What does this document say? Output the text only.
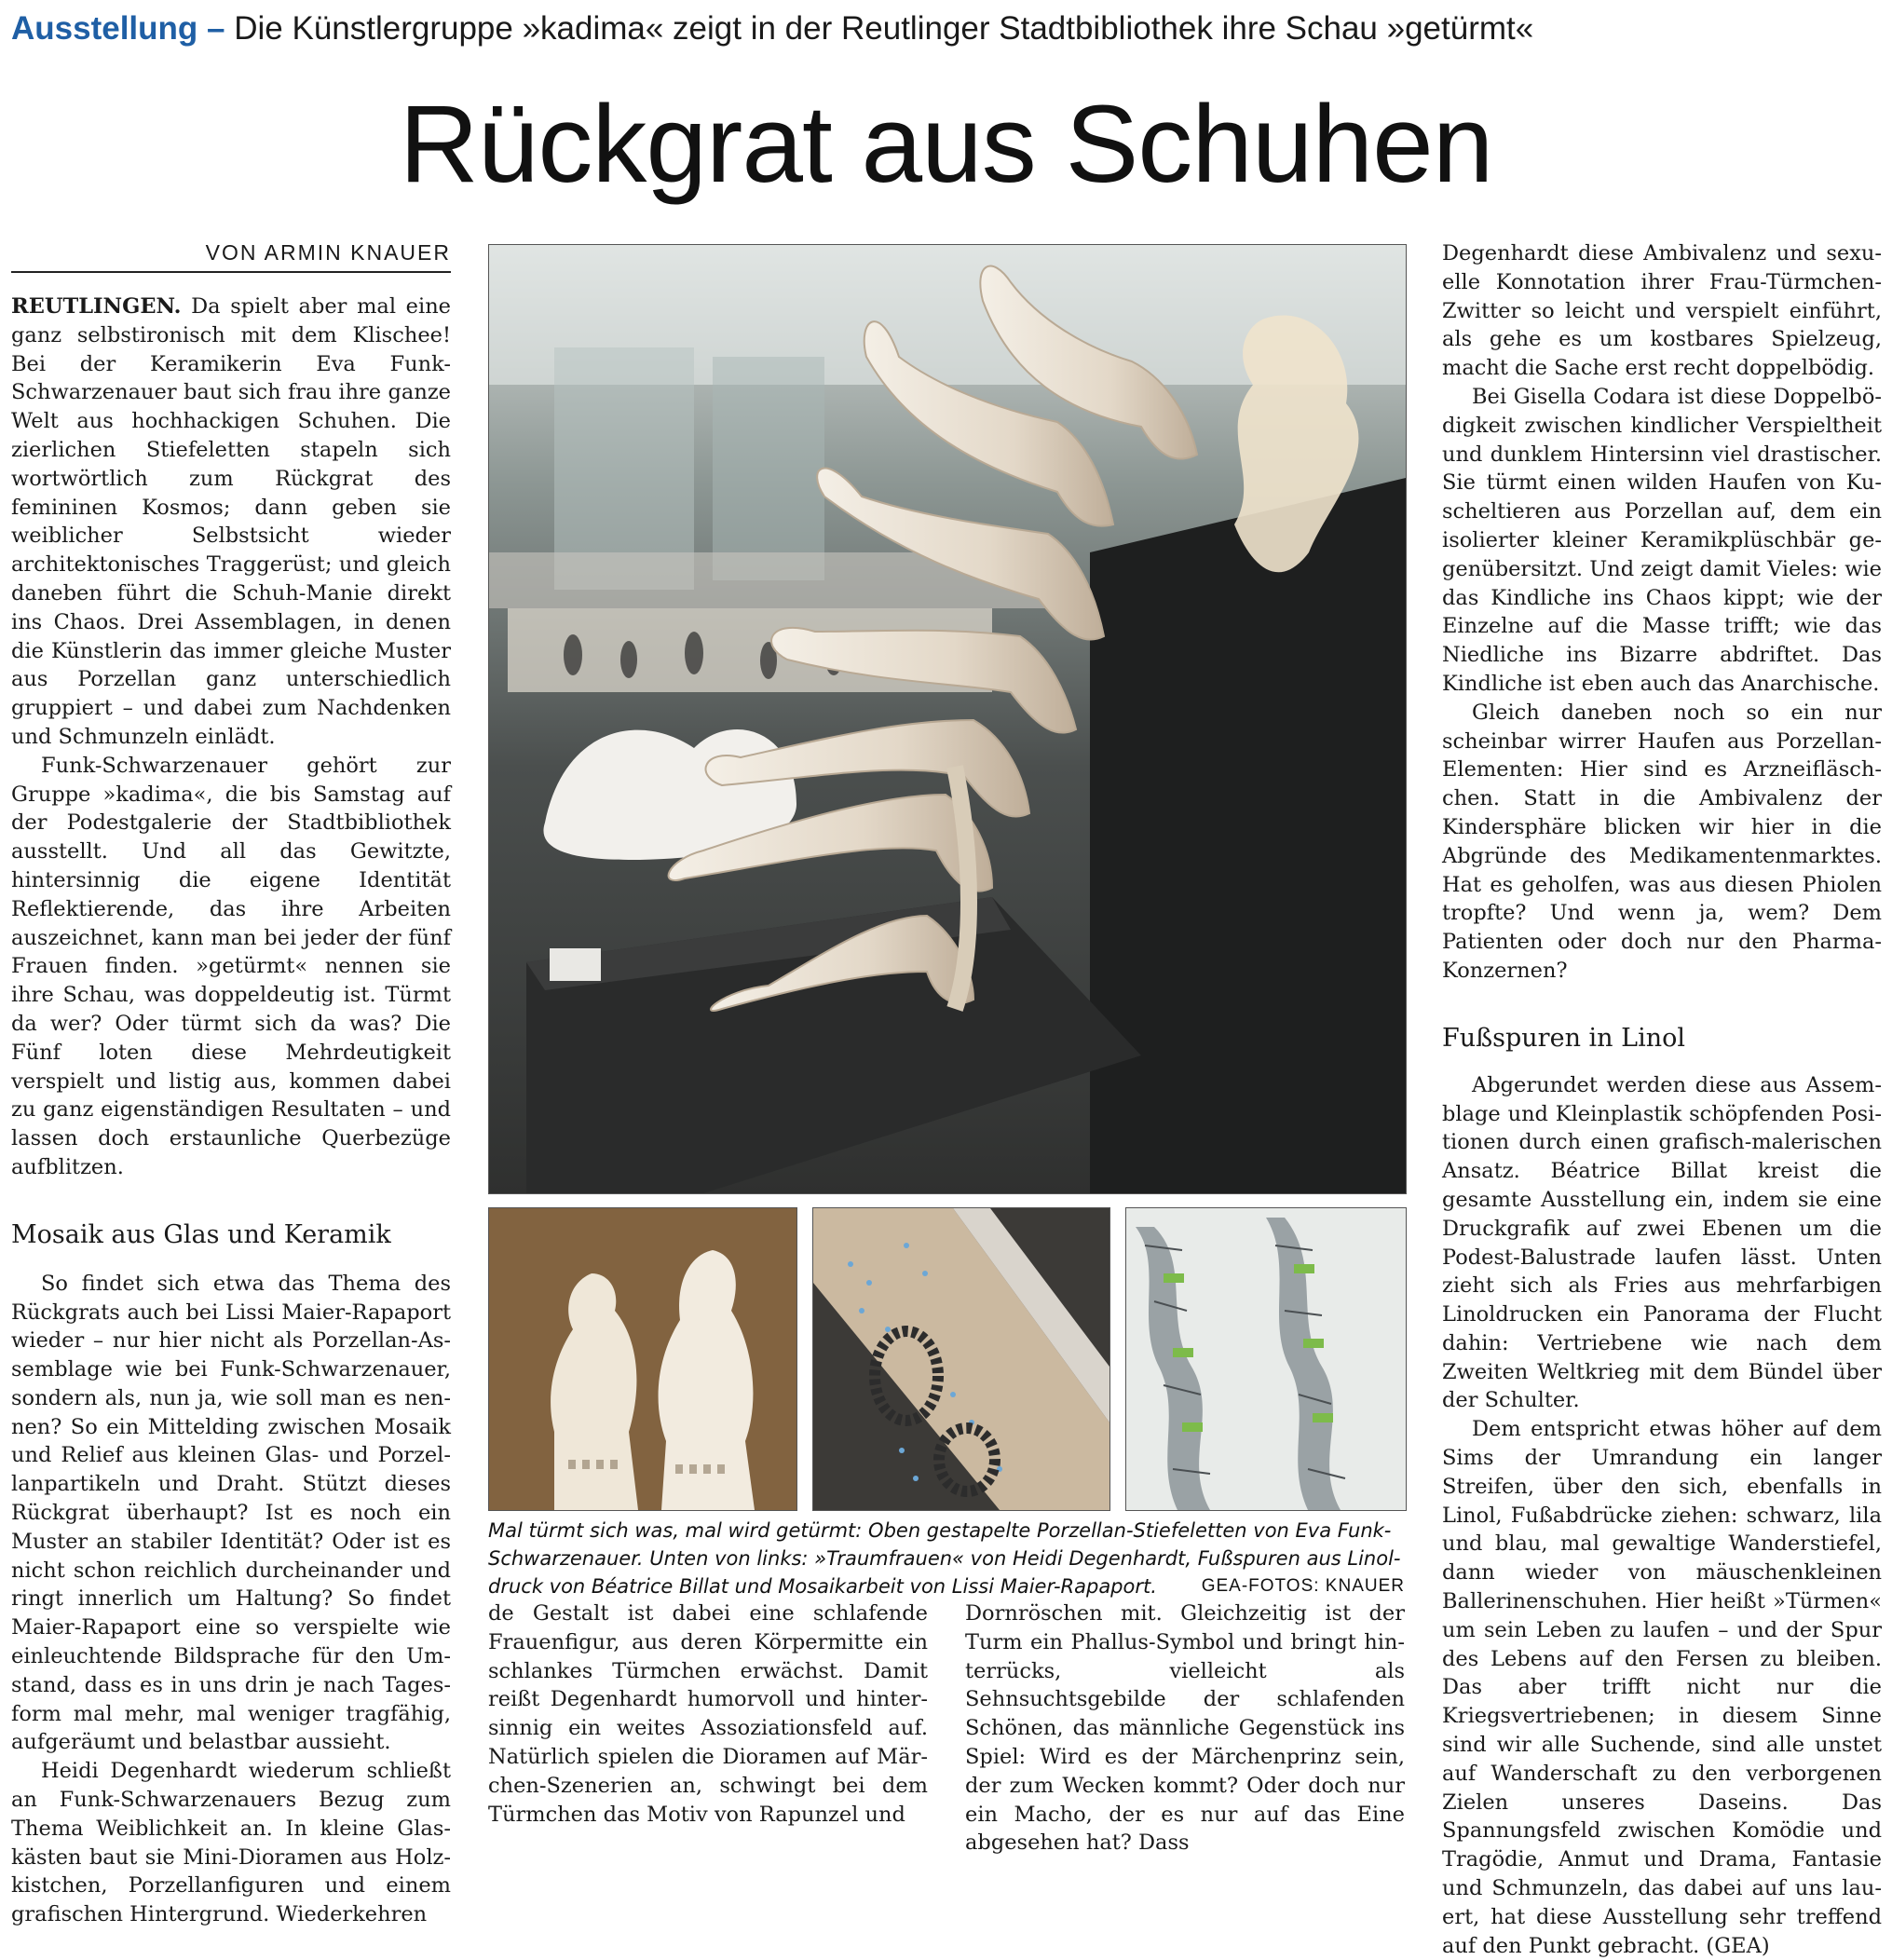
Ausstellung – Die Künstlergruppe »kadima« zeigt in der Reutlinger Stadtbibliothek ihre Schau »getürmt«
Rückgrat aus Schuhen
VON ARMIN KNAUER

REUTLINGEN. Da spielt aber mal eine ganz selbstironisch mit dem Klischee! Bei der Keramikerin Eva Funk-Schwarzenauer baut sich frau ihre ganze Welt aus hochhackigen Schuhen. Die zierlichen Stiefeletten stapeln sich wortwörtlich zum Rückgrat des femininen Kosmos; dann geben sie weiblicher Selbstsicht wieder architektonisches Traggerüst; und gleich daneben führt die Schuh-Manie direkt ins Chaos. Drei Assemblagen, in denen die Künstlerin das immer gleiche Muster aus Porzellan ganz unterschiedlich gruppiert – und dabei zum Nachdenken und Schmunzeln einlädt.

Funk-Schwarzenauer gehört zur Gruppe »kadima«, die bis Samstag auf der Podestgalerie der Stadtbibliothek ausstellt. Und all das Gewitzte, hintersinnig die eigene Identität Reflektierende, das ihre Arbeiten auszeichnet, kann man bei jeder der fünf Frauen finden. »getürmt« nennen sie ihre Schau, was doppeldeutig ist. Türmt da wer? Oder türmt sich da was? Die Fünf loten diese Mehrdeutigkeit verspielt und listig aus, kommen dabei zu ganz eigenständigen Resultaten – und lassen doch erstaunliche Querbezüge aufblitzen.

Mosaik aus Glas und Keramik

So findet sich etwa das Thema des Rückgrats auch bei Lissi Maier-Rapaport wieder – nur hier nicht als Porzellan-Assemblage wie bei Funk-Schwarzenauer, sondern als, nun ja, wie soll man es nennen? So ein Mittelding zwischen Mosaik und Relief aus kleinen Glas- und Porzellanpartikeln und Draht. Stützt dieses Rückgrat überhaupt? Ist es noch ein Muster an stabiler Identität? Oder ist es nicht schon reichlich durcheinander und ringt innerlich um Haltung? So findet Maier-Rapaport eine so verspielte wie einleuchtende Bildsprache für den Umstand, dass es in uns drin je nach Tagesform mal mehr, mal weniger tragfähig, aufgeräumt und belastbar aussieht.

Heidi Degenhardt wiederum schließt an Funk-Schwarzenauers Bezug zum Thema Weiblichkeit an. In kleine Glaskästen baut sie Mini-Dioramen aus Holzkistchen, Porzellanfiguren und einem grafischen Hintergrund. Wiederkehren

Mal türmt sich was, mal wird getürmt: Oben gestapelte Porzellan-Stiefeletten von Eva Funk-Schwarzenauer. Unten von links: »Traumfrauen« von Heidi Degenhardt, Fußspuren aus Linoldruck von Béatrice Billat und Mosaikarbeit von Lissi Maier-Rapaport.	GEA-FOTOS: KNAUER

de Gestalt ist dabei eine schlafende Frauenfigur, aus deren Körpermitte ein schlankes Türmchen erwächst. Damit reißt Degenhardt humorvoll und hintersinnig ein weites Assoziationsfeld auf. Natürlich spielen die Dioramen auf Märchen-Szenerien an, schwingt bei dem Türmchen das Motiv von Rapunzel und

Dornröschen mit. Gleichzeitig ist der Turm ein Phallus-Symbol und bringt hinterrücks, vielleicht als Sehnsuchtsgebilde der schlafenden Schönen, das männliche Gegenstück ins Spiel: Wird es der Märchenprinz sein, der zum Wecken kommt? Oder doch nur ein Macho, der es nur auf das Eine abgesehen hat? Dass

Degenhardt diese Ambivalenz und sexuelle Konnotation ihrer Frau-Türmchen-Zwitter so leicht und verspielt einführt, als gehe es um kostbares Spielzeug, macht die Sache erst recht doppelbödig.

Bei Gisella Codara ist diese Doppelbödigkeit zwischen kindlicher Verspieltheit und dunklem Hintersinn viel drastischer. Sie türmt einen wilden Haufen von Kuscheltieren aus Porzellan auf, dem ein isolierter kleiner Keramikplüschbär gegenübersitzt. Und zeigt damit Vieles: wie das Kindliche ins Chaos kippt; wie der Einzelne auf die Masse trifft; wie das Niedliche ins Bizarre abdriftet. Das Kindliche ist eben auch das Anarchische.

Gleich daneben noch so ein nur scheinbar wirrer Haufen aus Porzellan-Elementen: Hier sind es Arzneifläschchen. Statt in die Ambivalenz der Kindersphäre blicken wir hier in die Abgründe des Medikamentenmarktes. Hat es geholfen, was aus diesen Phiolen tropfte? Und wenn ja, wem? Dem Patienten oder doch nur den Pharma-Konzernen?

Fußspuren in Linol

Abgerundet werden diese aus Assemblage und Kleinplastik schöpfenden Positionen durch einen grafisch-malerischen Ansatz. Béatrice Billat kreist die gesamte Ausstellung ein, indem sie eine Druckgrafik auf zwei Ebenen um die Podest-Balustrade laufen lässt. Unten zieht sich als Fries aus mehrfarbigen Linoldrucken ein Panorama der Flucht dahin: Vertriebene wie nach dem Zweiten Weltkrieg mit dem Bündel über der Schulter.

Dem entspricht etwas höher auf dem Sims der Umrandung ein langer Streifen, über den sich, ebenfalls in Linol, Fußabdrücke ziehen: schwarz, lila und blau, mal gewaltige Wanderstiefel, dann wieder von mäuschenkleinen Ballerinenschuhen. Hier heißt »Türmen« um sein Leben zu laufen – und der Spur des Lebens auf den Fersen zu bleiben. Das aber trifft nicht nur die Kriegsvertriebenen; in diesem Sinne sind wir alle Suchende, sind alle unstet auf Wanderschaft zu den verborgenen Zielen unseres Daseins. Das Spannungsfeld zwischen Komödie und Tragödie, Anmut und Drama, Fantasie und Schmunzeln, das dabei auf uns lauert, hat diese Ausstellung sehr treffend auf den Punkt gebracht. (GEA)
